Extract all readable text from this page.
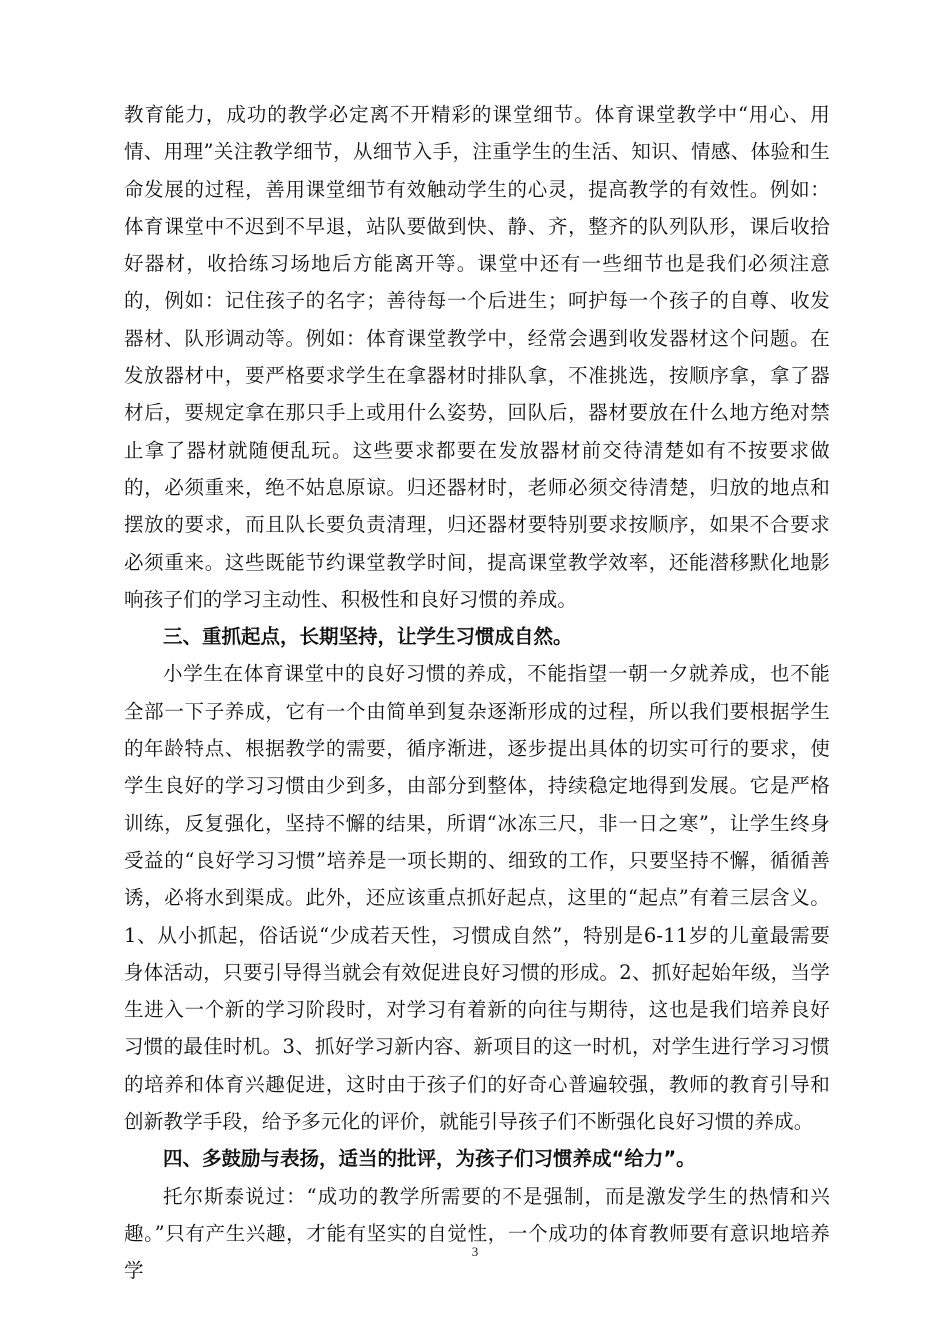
教育能力，成功的教学必定离不开精彩的课堂细节。体育课堂教学中“用心、用情、用理”关注教学细节，从细节入手，注重学生的生活、知识、情感、体验和生命发展的过程，善用课堂细节有效触动学生的心灵，提高教学的有效性。例如：体育课堂中不迟到不早退，站队要做到快、静、齐，整齐的队列队形，课后收拾好器材，收拾练习场地后方能离开等。课堂中还有一些细节也是我们必须注意的，例如：记住孩子的名字；善待每一个后进生；呵护每一个孩子的自尊、收发器材、队形调动等。例如：体育课堂教学中，经常会遇到收发器材这个问题。在发放器材中，要严格要求学生在拿器材时排队拿，不准挑选，按顺序拿，拿了器材后，要规定拿在那只手上或用什么姿势，回队后，器材要放在什么地方绝对禁止拿了器材就随便乱玩。这些要求都要在发放器材前交待清楚如有不按要求做的，必须重来，绝不姑息原谅。归还器材时，老师必须交待清楚，归放的地点和摆放的要求，而且队长要负责清理，归还器材要特别要求按顺序，如果不合要求必须重来。这些既能节约课堂教学时间，提高课堂教学效率，还能潜移默化地影响孩子们的学习主动性、积极性和良好习惯的养成。

三、重抓起点，长期坚持，让学生习惯成自然。

小学生在体育课堂中的良好习惯的养成，不能指望一朝一夕就养成，也不能全部一下子养成，它有一个由简单到复杂逐渐形成的过程，所以我们要根据学生的年龄特点、根据教学的需要，循序渐进，逐步提出具体的切实可行的要求，使学生良好的学习习惯由少到多，由部分到整体，持续稳定地得到发展。它是严格训练，反复强化，坚持不懈的结果，所谓“冰冻三尺，非一日之寒”，让学生终身受益的“良好学习习惯”培养是一项长期的、细致的工作，只要坚持不懈，循循善诱，必将水到渠成。此外，还应该重点抓好起点，这里的“起点”有着三层含义。1、从小抓起，俗话说“少成若天性，习惯成自然”，特别是6-11岁的儿童最需要身体活动，只要引导得当就会有效促进良好习惯的形成。2、抓好起始年级，当学生进入一个新的学习阶段时，对学习有着新的向往与期待，这也是我们培养良好习惯的最佳时机。3、抓好学习新内容、新项目的这一时机，对学生进行学习习惯的培养和体育兴趣促进，这时由于孩子们的好奇心普遍较强，教师的教育引导和创新教学手段，给予多元化的评价，就能引导孩子们不断强化良好习惯的养成。

四、多鼓励与表扬，适当的批评，为孩子们习惯养成“给力”。

托尔斯泰说过：“成功的教学所需要的不是强制，而是激发学生的热情和兴趣。”只有产生兴趣，才能有坚实的自觉性，一个成功的体育教师要有意识地培养学

3
